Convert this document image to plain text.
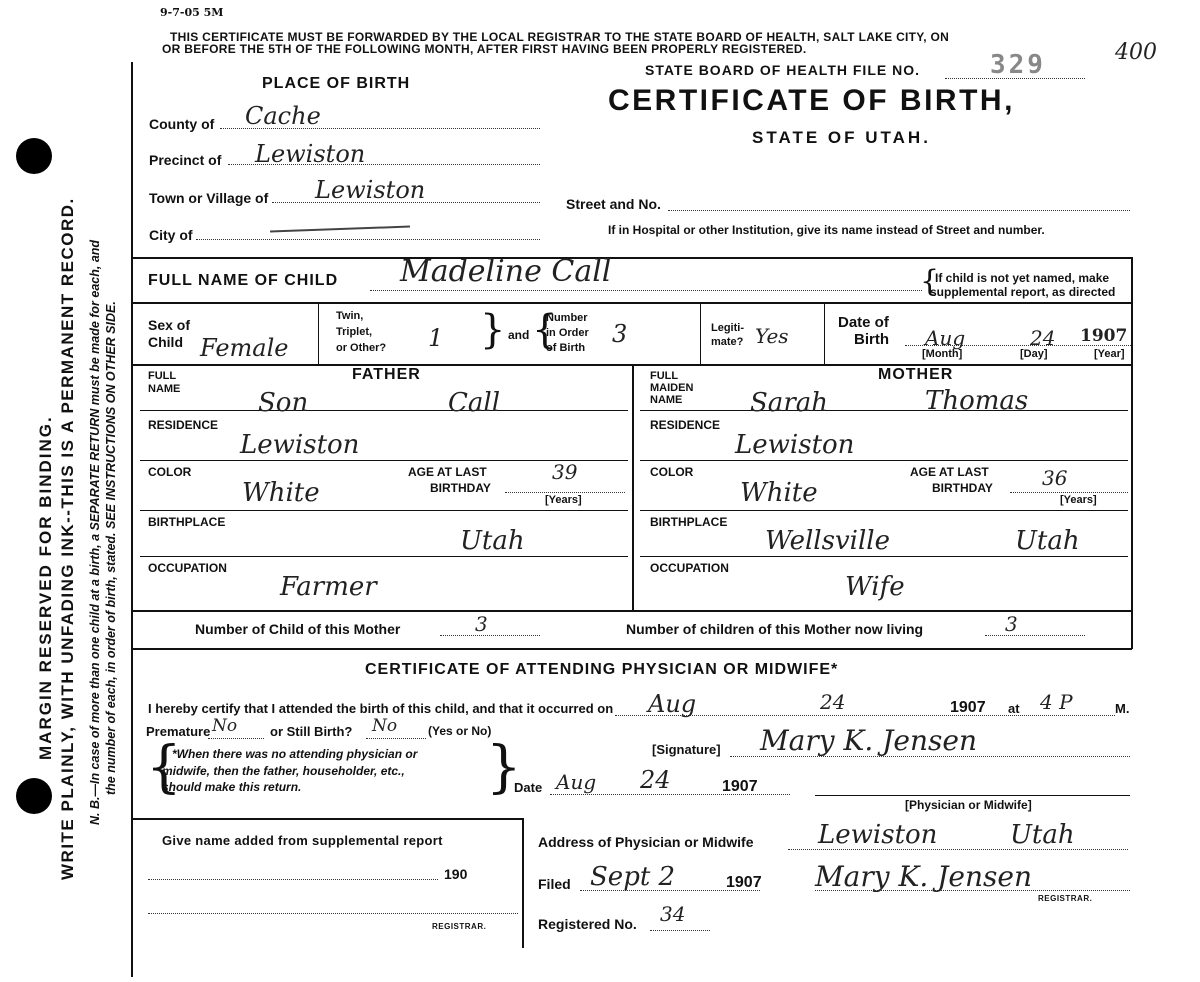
9-7-05 5M
THIS CERTIFICATE MUST BE FORWARDED BY THE LOCAL REGISTRAR TO THE STATE BOARD OF HEALTH, SALT LAKE CITY, ON
OR BEFORE THE 5TH OF THE FOLLOWING MONTH, AFTER FIRST HAVING BEEN PROPERLY REGISTERED.
MARGIN RESERVED FOR BINDING. WRITE PLAINLY, WITH UNFADING INK--THIS IS A PERMANENT RECORD. N. B.—In case of more than one child at a birth, a SEPARATE RETURN must be made for each, and the number of each, in order of birth, stated. SEE INSTRUCTIONS ON OTHER SIDE.
STATE BOARD OF HEALTH FILE NO.	329	400
CERTIFICATE OF BIRTH,
STATE OF UTAH.
PLACE OF BIRTH
County of Cache
Precinct of Lewiston
Town or Village of Lewiston
City of
Street and No.
If in Hospital or other Institution, give its name instead of Street and number.
FULL NAME OF CHILD Madeline Call	{
If child is not yet named, make
supplemental report, as directed
Sex of
Child Female
Twin,
Triplet,
or Other? 1 } and {
Number
in Order
of Birth 3	Legiti-
mate? Yes
Date of
Birth Aug	24 1907
[Month]	[Day]	[Year]
FATHER
FULL
NAME	Son	Call
RESIDENCE
Lewiston
COLOR
White
AGE AT LAST
BIRTHDAY
39
[Years]
BIRTHPLACE
Utah
OCCUPATION
Farmer
MOTHER
FULL
MAIDEN
NAME	Sarah	Thomas
RESIDENCE
Lewiston
COLOR
White
AGE AT LAST
BIRTHDAY 36
[Years]
BIRTHPLACE
Wellsville	Utah
OCCUPATION
Wife
Number of Child of this Mother	3	Number of children of this Mother now living	3
CERTIFICATE OF ATTENDING PHYSICIAN OR MIDWIFE*
I hereby certify that I attended the birth of this child, and that it occurred on Aug	24	1907 at 4 P	M.
Premature No	or Still Birth? No	(Yes or No)
{
*When there was no attending physician or
midwife, then the father, householder, etc.,
should make this return.	}	[Signature] Mary K. Jensen
Date Aug 24	1907
[Physician or Midwife]
Give name added from supplemental report
190
REGISTRAR.
Address of Physician or Midwife Lewiston	Utah
Filed Sept 2	1907 Mary K. Jensen
REGISTRAR.
Registered No. 34
